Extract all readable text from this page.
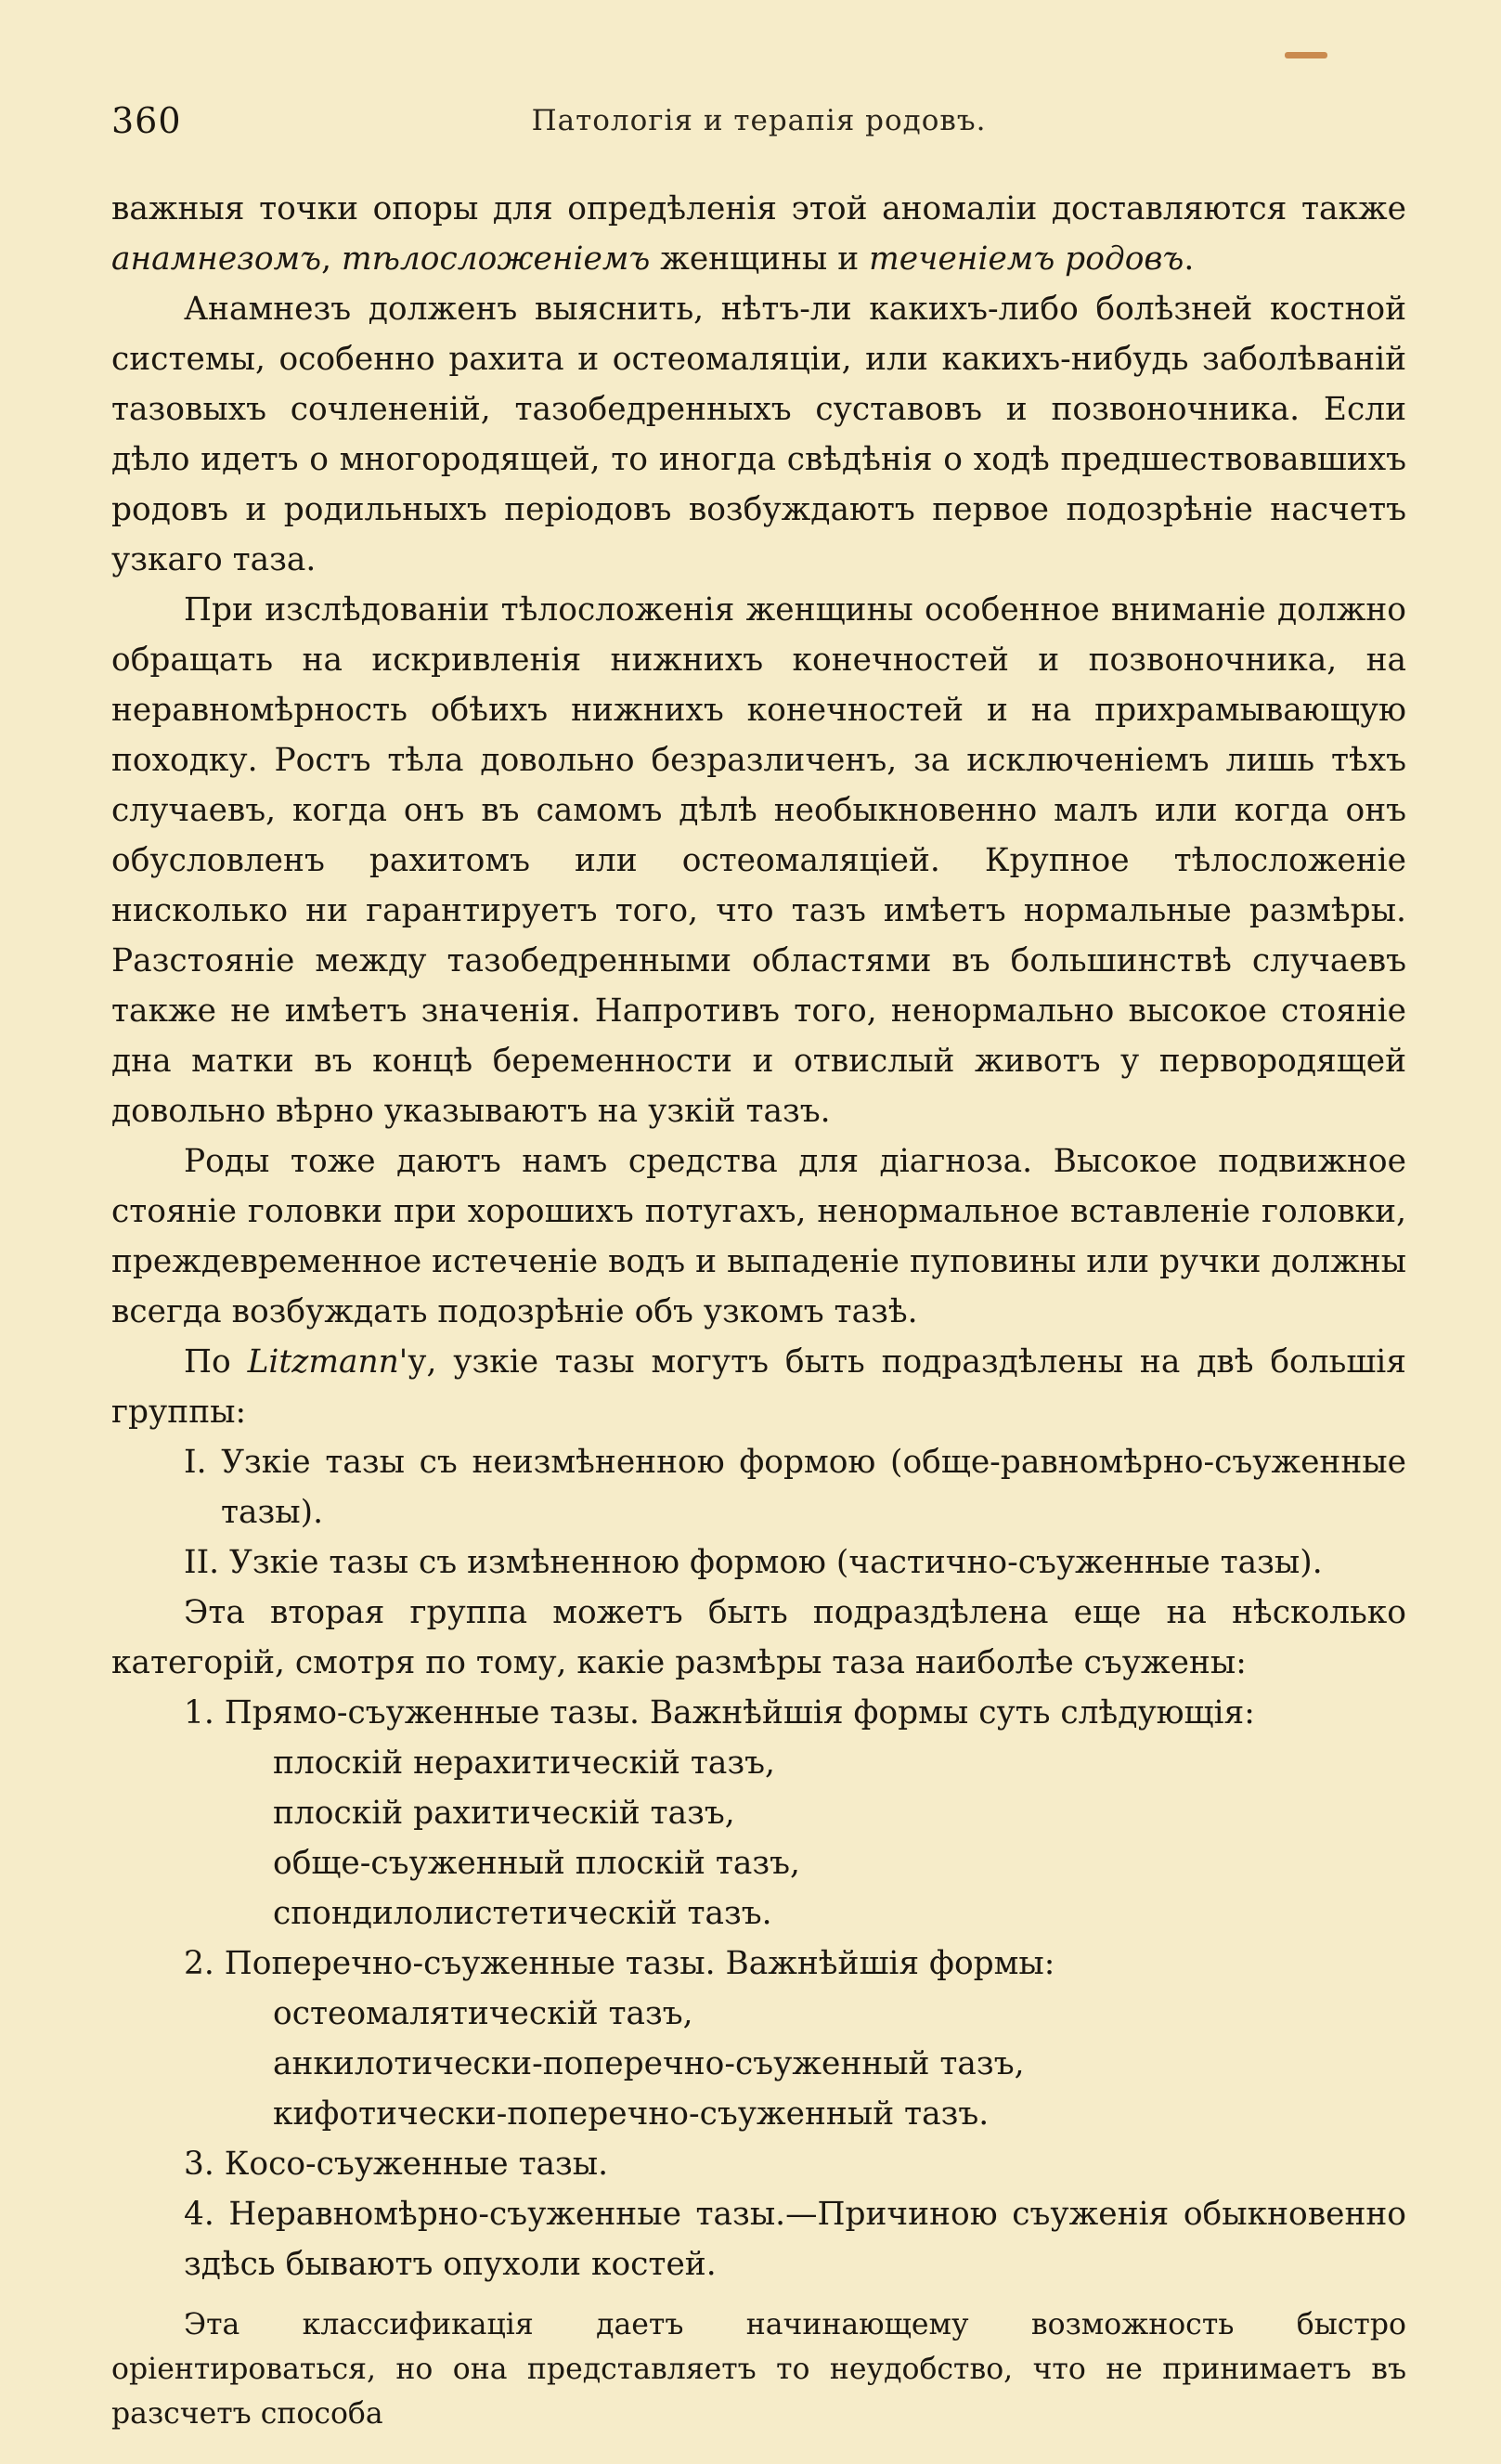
360	Патологія и терапія родовъ.

важныя точки опоры для опредѣленія этой аномаліи доставляются также анамнезомъ, тѣлосложеніемъ женщины и теченіемъ родовъ.

Анамнезъ долженъ выяснить, нѣтъ-ли какихъ-либо болѣзней костной системы, особенно рахита и остеомаляціи, или какихъ-нибудь заболѣваній тазовыхъ сочлененій, тазобедренныхъ суставовъ и позвоночника. Если дѣло идетъ о многородящей, то иногда свѣдѣнія о ходѣ предшествовавшихъ родовъ и родильныхъ періодовъ возбуждаютъ первое подозрѣніе насчетъ узкаго таза.

При изслѣдованіи тѣлосложенія женщины особенное вниманіе должно обращать на искривленія нижнихъ конечностей и позвоночника, на неравномѣрность обѣихъ нижнихъ конечностей и на прихрамывающую походку. Ростъ тѣла довольно безразличенъ, за исключеніемъ лишь тѣхъ случаевъ, когда онъ въ самомъ дѣлѣ необыкновенно малъ или когда онъ обусловленъ рахитомъ или остеомаляціей. Крупное тѣлосложеніе нисколько ни гарантируетъ того, что тазъ имѣетъ нормальные размѣры. Разстояніе между тазобедренными областями въ большинствѣ случаевъ также не имѣетъ значенія. Напротивъ того, ненормально высокое стояніе дна матки въ концѣ беременности и отвислый животъ у первородящей довольно вѣрно указываютъ на узкій тазъ.

Роды тоже даютъ намъ средства для діагноза. Высокое подвижное стояніе головки при хорошихъ потугахъ, ненормальное вставленіе головки, преждевременное истеченіе водъ и выпаденіе пуповины или ручки должны всегда возбуждать подозрѣніе объ узкомъ тазѣ.

По Litzmann'у, узкіе тазы могутъ быть подраздѣлены на двѣ большія группы:

I. Узкіе тазы съ неизмѣненною формою (обще-равномѣрно-съуженные тазы).

II. Узкіе тазы съ измѣненною формою (частично-съуженные тазы).

Эта вторая группа можетъ быть подраздѣлена еще на нѣсколько категорій, смотря по тому, какіе размѣры таза наиболѣе съужены:

1. Прямо-съуженные тазы. Важнѣйшія формы суть слѣдующія:
плоскій нерахитическій тазъ,
плоскій рахитическій тазъ,
обще-съуженный плоскій тазъ,
спондилолистетическій тазъ.
2. Поперечно-съуженные тазы. Важнѣйшія формы:
остеомалятическій тазъ,
анкилотически-поперечно-съуженный тазъ,
кифотически-поперечно-съуженный тазъ.
3. Косо-съуженные тазы.

4. Неравномѣрно-съуженные тазы.—Причиною съуженія обыкновенно здѣсь бываютъ опухоли костей.

Эта классификація даетъ начинающему возможность быстро оріентироваться, но она представляетъ то неудобство, что не принимаетъ въ разсчетъ способа
